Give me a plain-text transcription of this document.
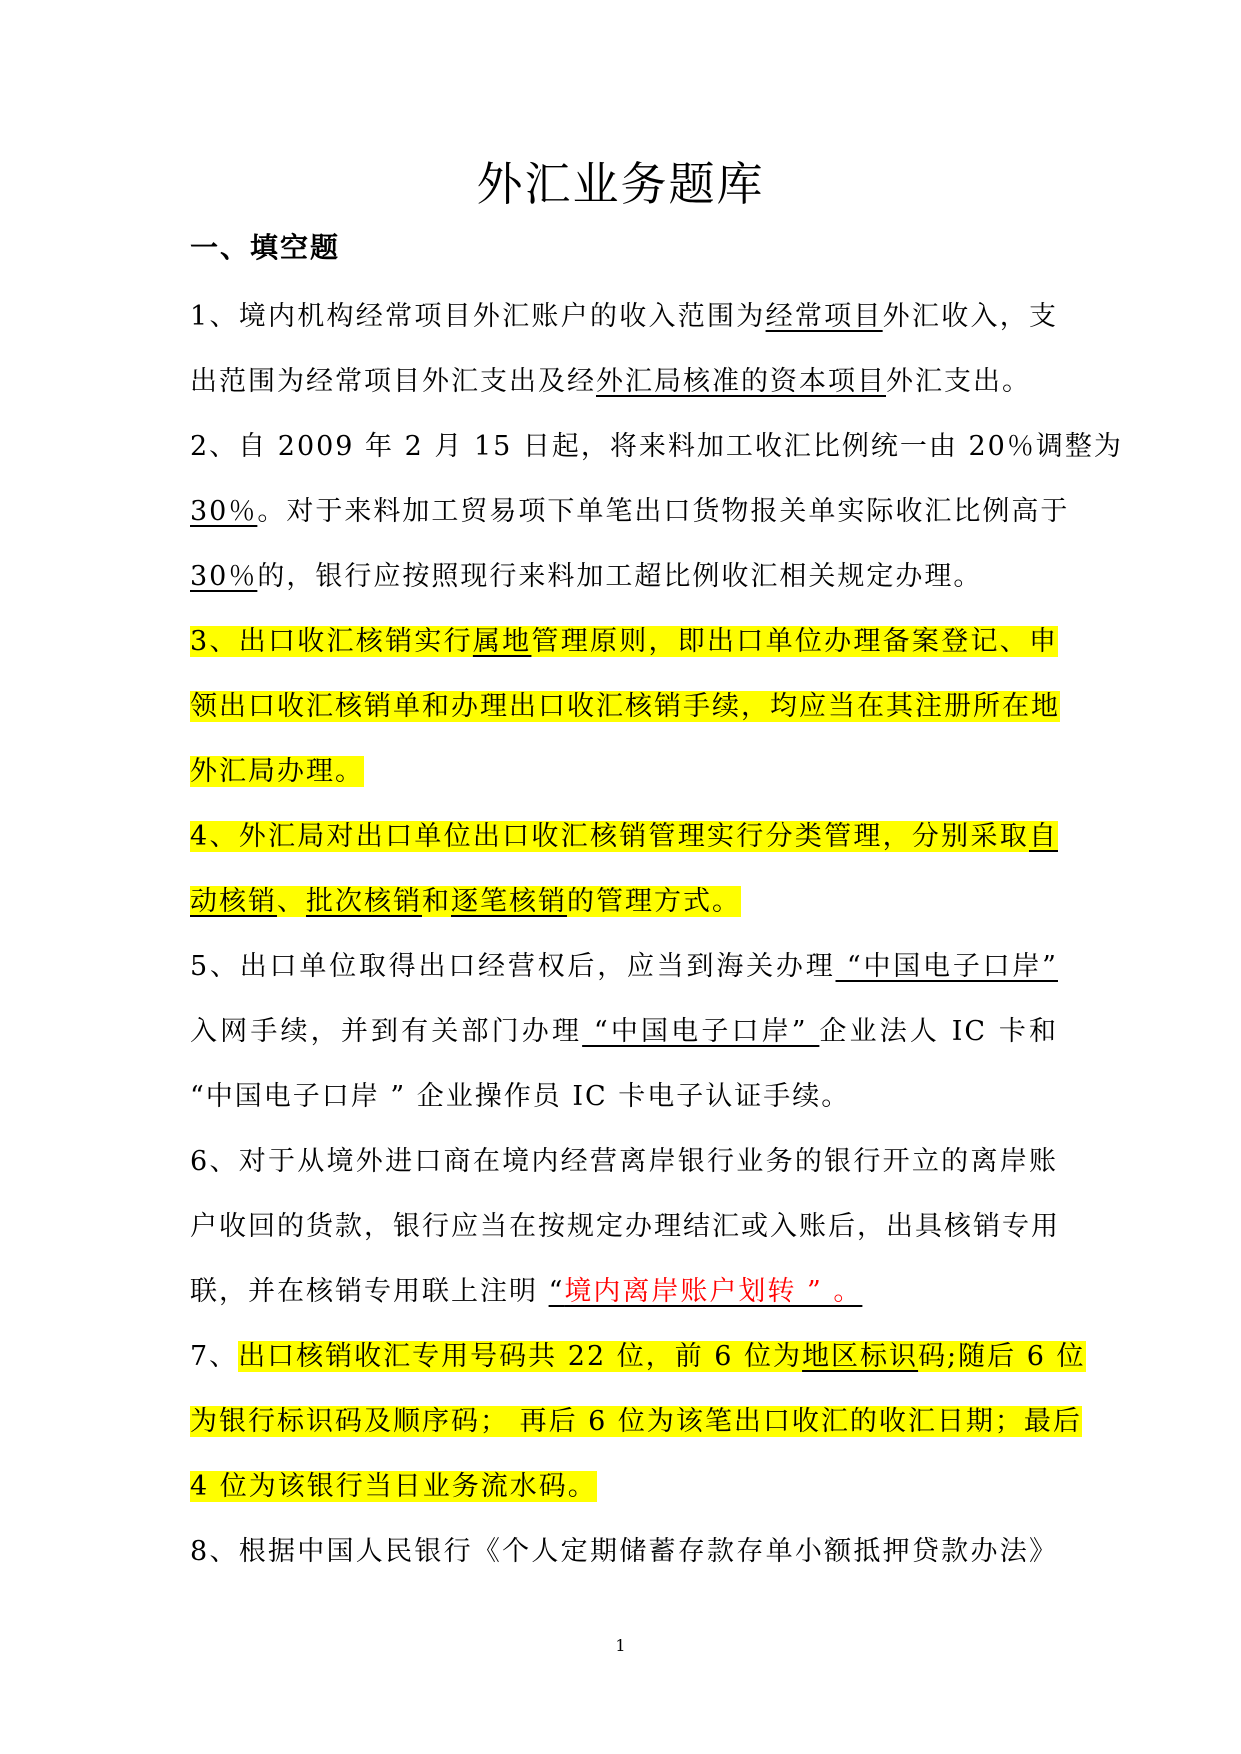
外汇业务题库
一、填空题
1、境内机构经常项目外汇账户的收入范围为经常项目外汇收入，支
出范围为经常项目外汇支出及经外汇局核准的资本项目外汇支出。
2、自 2009 年 2 月 15 日起，将来料加工收汇比例统一由 20％调整为
30％。对于来料加工贸易项下单笔出口货物报关单实际收汇比例高于
30％的，银行应按照现行来料加工超比例收汇相关规定办理。
3、出口收汇核销实行属地管理原则，即出口单位办理备案登记、申
领出口收汇核销单和办理出口收汇核销手续，均应当在其注册所在地
外汇局办理。
4、外汇局对出口单位出口收汇核销管理实行分类管理，分别采取自
动核销、批次核销和逐笔核销的管理方式。
5、出口单位取得出口经营权后，应当到海关办理 “中国电子口岸”
入网手续，并到有关部门办理 “中国电子口岸” 企业法人 IC 卡和
“中国电子口岸 ” 企业操作员 IC 卡电子认证手续。
6、对于从境外进口商在境内经营离岸银行业务的银行开立的离岸账
户收回的货款，银行应当在按规定办理结汇或入账后，出具核销专用
联，并在核销专用联上注明 “境内离岸账户划转 ” 。
7、出口核销收汇专用号码共 22 位，前 6 位为地区标识码;随后 6 位
为银行标识码及顺序码； 再后 6 位为该笔出口收汇的收汇日期；最后
4 位为该银行当日业务流水码。
8、根据中国人民银行《个人定期储蓄存款存单小额抵押贷款办法》
1
